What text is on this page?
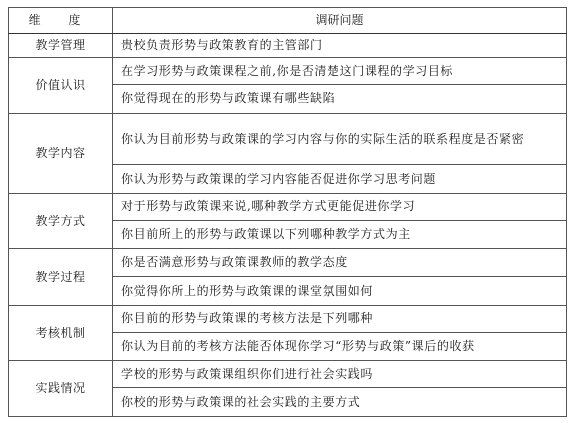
维 度	调研问题
教学管理	贵校负责形势与政策教育的主管部门
价值认识	在学习形势与政策课程之前,你是否清楚这门课程的学习目标
	你觉得现在的形势与政策课有哪些缺陷
教学内容	你认为目前形势与政策课的学习内容与你的实际生活的联系程度是否紧密
	你认为形势与政策课的学习内容能否促进你学习思考问题
教学方式	对于形势与政策课来说,哪种教学方式更能促进你学习
	你目前所上的形势与政策课以下列哪种教学方式为主
教学过程	你是否满意形势与政策课教师的教学态度
	你觉得你所上的形势与政策课的课堂氛围如何
考核机制	你目前的形势与政策课的考核方法是下列哪种
	你认为目前的考核方法能否体现你学习“形势与政策”课后的收获
实践情况	学校的形势与政策课组织你们进行社会实践吗
	你校的形势与政策课的社会实践的主要方式
